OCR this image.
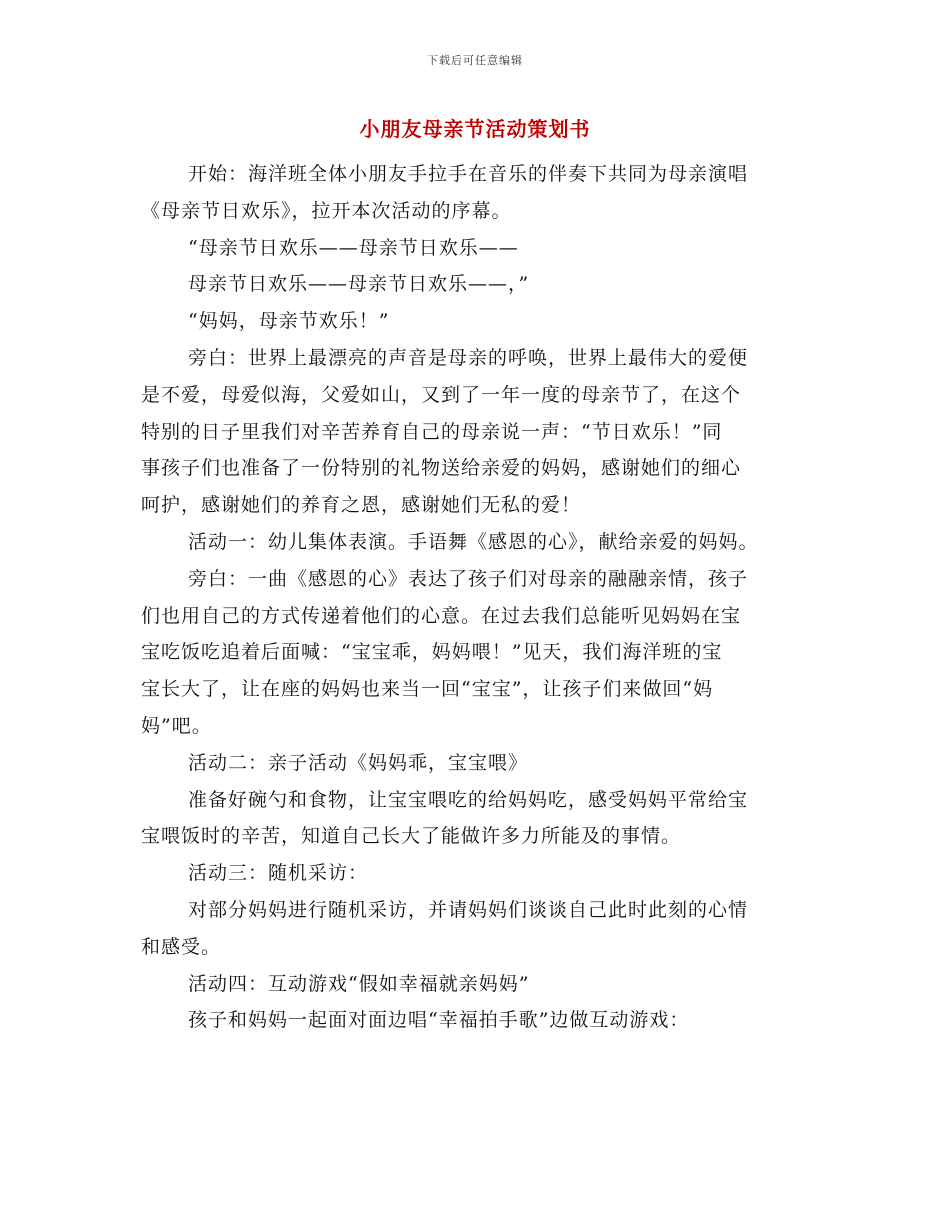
下载后可任意编辑
小朋友母亲节活动策划书
开始：海洋班全体小朋友手拉手在音乐的伴奏下共同为母亲演唱
《母亲节日欢乐》，拉开本次活动的序幕。
“母亲节日欢乐——母亲节日欢乐——
母亲节日欢乐——母亲节日欢乐——，”
“妈妈，母亲节欢乐！”
旁白：世界上最漂亮的声音是母亲的呼唤，世界上最伟大的爱便
是不爱，母爱似海，父爱如山，又到了一年一度的母亲节了，在这个
特别的日子里我们对辛苦养育自己的母亲说一声：“节日欢乐！”同
事孩子们也准备了一份特别的礼物送给亲爱的妈妈，感谢她们的细心
呵护，感谢她们的养育之恩，感谢她们无私的爱！
活动一：幼儿集体表演。手语舞《感恩的心》，献给亲爱的妈妈。
旁白：一曲《感恩的心》表达了孩子们对母亲的融融亲情，孩子
们也用自己的方式传递着他们的心意。在过去我们总能听见妈妈在宝
宝吃饭吃追着后面喊：“宝宝乖，妈妈喂！”见天，我们海洋班的宝
宝长大了，让在座的妈妈也来当一回“宝宝”，让孩子们来做回“妈
妈”吧。
活动二：亲子活动《妈妈乖，宝宝喂》
准备好碗勺和食物，让宝宝喂吃的给妈妈吃，感受妈妈平常给宝
宝喂饭时的辛苦，知道自己长大了能做许多力所能及的事情。
活动三：随机采访：
对部分妈妈进行随机采访，并请妈妈们谈谈自己此时此刻的心情
和感受。
活动四：互动游戏“假如幸福就亲妈妈”
孩子和妈妈一起面对面边唱“幸福拍手歌”边做互动游戏：
